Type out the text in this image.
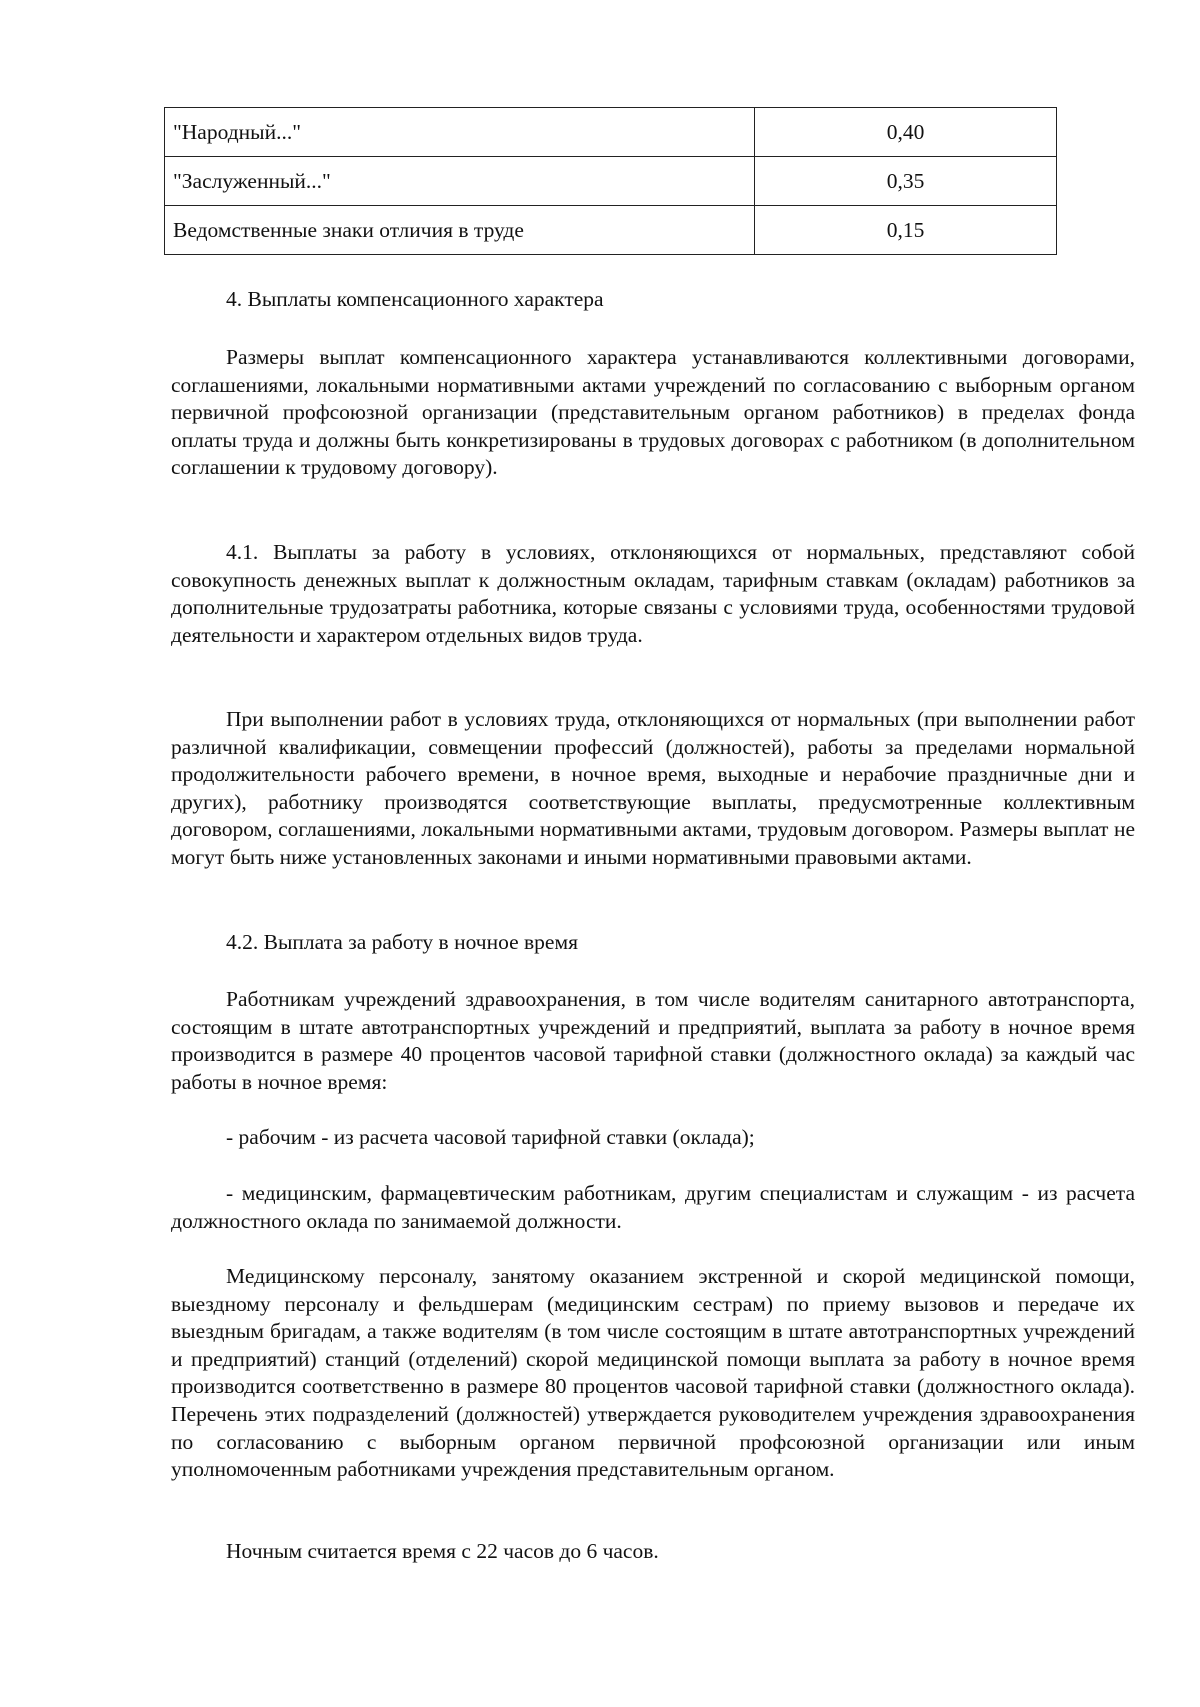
"Народный..."	0,40
"Заслуженный..."	0,35
Ведомственные знаки отличия в труде	0,15
4. Выплаты компенсационного характера

Размеры выплат компенсационного характера устанавливаются коллективными договорами, соглашениями, локальными нормативными актами учреждений по согласованию с выборным органом первичной профсоюзной организации (представительным органом работников) в пределах фонда оплаты труда и должны быть конкретизированы в трудовых договорах с работником (в дополнительном соглашении к трудовому договору).

4.1. Выплаты за работу в условиях, отклоняющихся от нормальных, представляют собой совокупность денежных выплат к должностным окладам, тарифным ставкам (окладам) работников за дополнительные трудозатраты работника, которые связаны с условиями труда, особенностями трудовой деятельности и характером отдельных видов труда.

При выполнении работ в условиях труда, отклоняющихся от нормальных (при выполнении работ различной квалификации, совмещении профессий (должностей), работы за пределами нормальной продолжительности рабочего времени, в ночное время, выходные и нерабочие праздничные дни и других), работнику производятся соответствующие выплаты, предусмотренные коллективным договором, соглашениями, локальными нормативными актами, трудовым договором. Размеры выплат не могут быть ниже установленных законами и иными нормативными правовыми актами.

4.2. Выплата за работу в ночное время

Работникам учреждений здравоохранения, в том числе водителям санитарного автотранспорта, состоящим в штате автотранспортных учреждений и предприятий, выплата за работу в ночное время производится в размере 40 процентов часовой тарифной ставки (должностного оклада) за каждый час работы в ночное время:

- рабочим - из расчета часовой тарифной ставки (оклада);

- медицинским, фармацевтическим работникам, другим специалистам и служащим - из расчета должностного оклада по занимаемой должности.

Медицинскому персоналу, занятому оказанием экстренной и скорой медицинской помощи, выездному персоналу и фельдшерам (медицинским сестрам) по приему вызовов и передаче их выездным бригадам, а также водителям (в том числе состоящим в штате автотранспортных учреждений и предприятий) станций (отделений) скорой медицинской помощи выплата за работу в ночное время производится соответственно в размере 80 процентов часовой тарифной ставки (должностного оклада). Перечень этих подразделений (должностей) утверждается руководителем учреждения здравоохранения по согласованию с выборным органом первичной профсоюзной организации или иным уполномоченным работниками учреждения представительным органом.

Ночным считается время с 22 часов до 6 часов.
